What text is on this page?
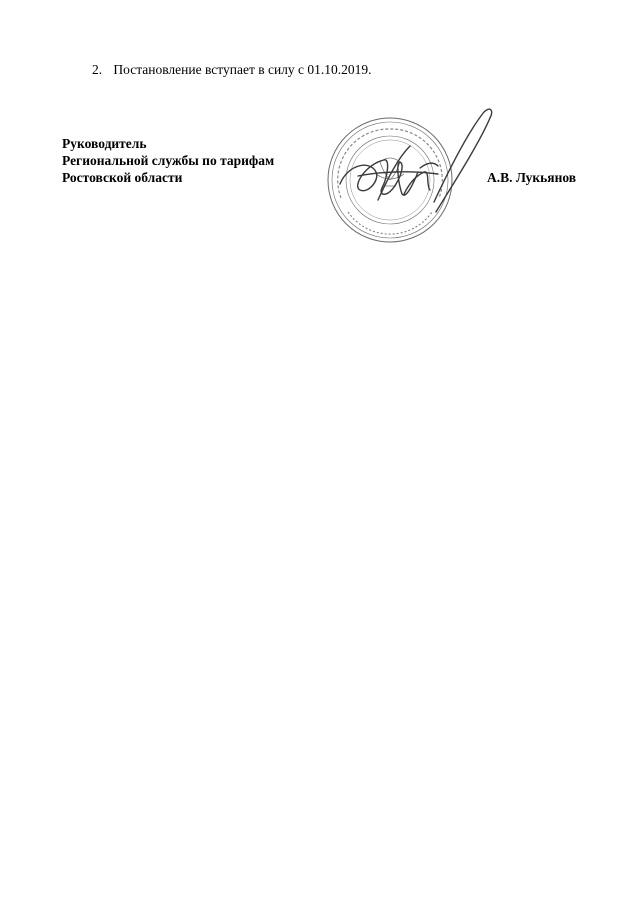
2. Постановление вступает в силу с 01.10.2019.
Руководитель
Региональной службы по тарифам
Ростовской области	А.В. Лукьянов
